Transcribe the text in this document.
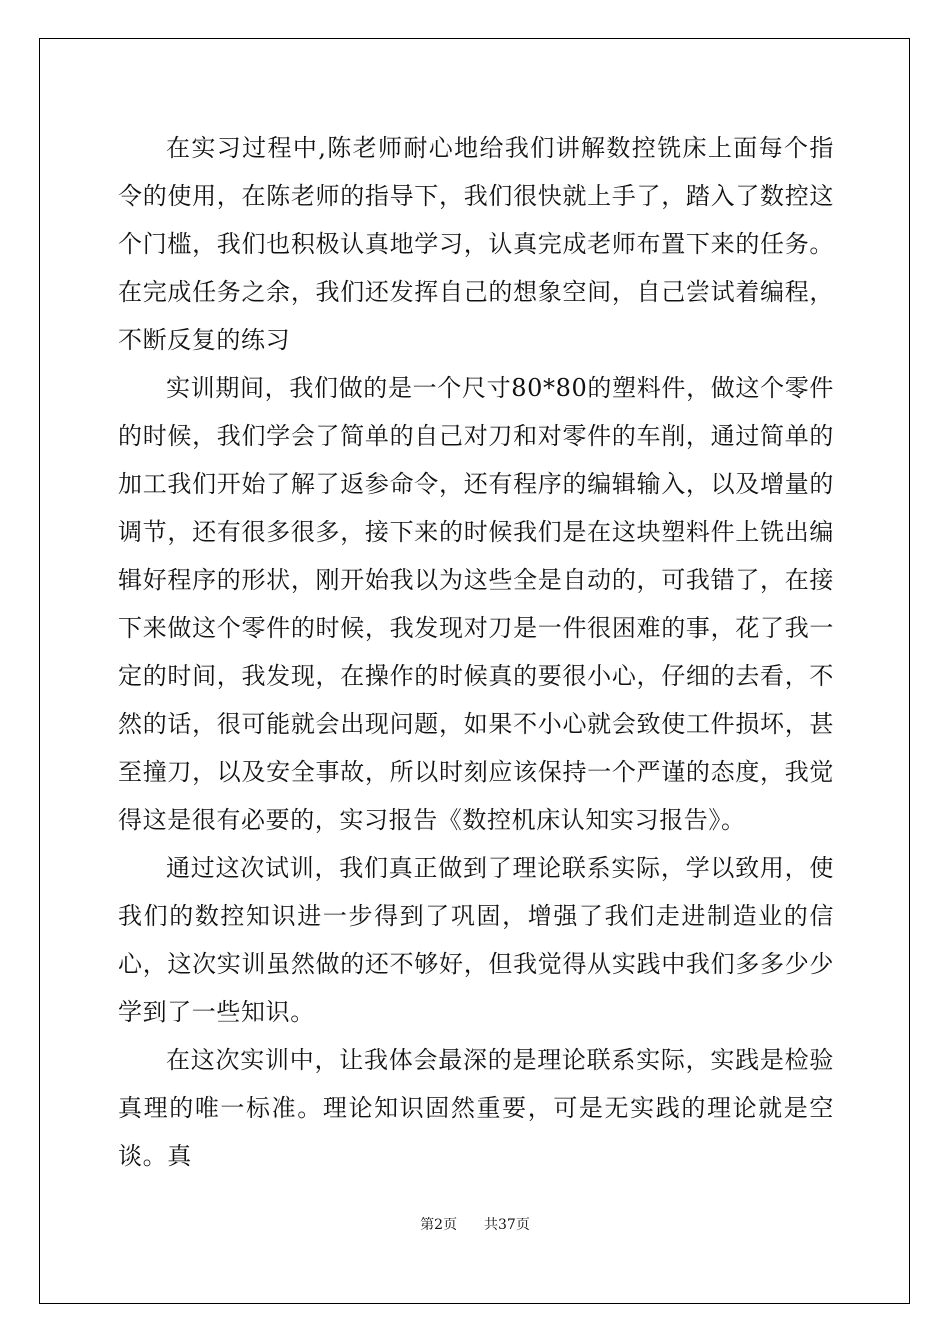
在实习过程中,陈老师耐心地给我们讲解数控铣床上面每个指令的使用，在陈老师的指导下，我们很快就上手了，踏入了数控这个门槛，我们也积极认真地学习，认真完成老师布置下来的任务。在完成任务之余，我们还发挥自己的想象空间，自己尝试着编程，不断反复的练习

实训期间，我们做的是一个尺寸80*80的塑料件，做这个零件的时候，我们学会了简单的自己对刀和对零件的车削，通过简单的加工我们开始了解了返参命令，还有程序的编辑输入，以及增量的调节，还有很多很多，接下来的时候我们是在这块塑料件上铣出编辑好程序的形状，刚开始我以为这些全是自动的，可我错了，在接下来做这个零件的时候，我发现对刀是一件很困难的事，花了我一定的时间，我发现，在操作的时候真的要很小心，仔细的去看，不然的话，很可能就会出现问题，如果不小心就会致使工件损坏，甚至撞刀，以及安全事故，所以时刻应该保持一个严谨的态度，我觉得这是很有必要的，实习报告《数控机床认知实习报告》。

通过这次试训，我们真正做到了理论联系实际，学以致用，使我们的数控知识进一步得到了巩固，增强了我们走进制造业的信心，这次实训虽然做的还不够好，但我觉得从实践中我们多多少少学到了一些知识。

在这次实训中，让我体会最深的是理论联系实际，实践是检验真理的唯一标准。理论知识固然重要，可是无实践的理论就是空谈。真

第2页 共37页
